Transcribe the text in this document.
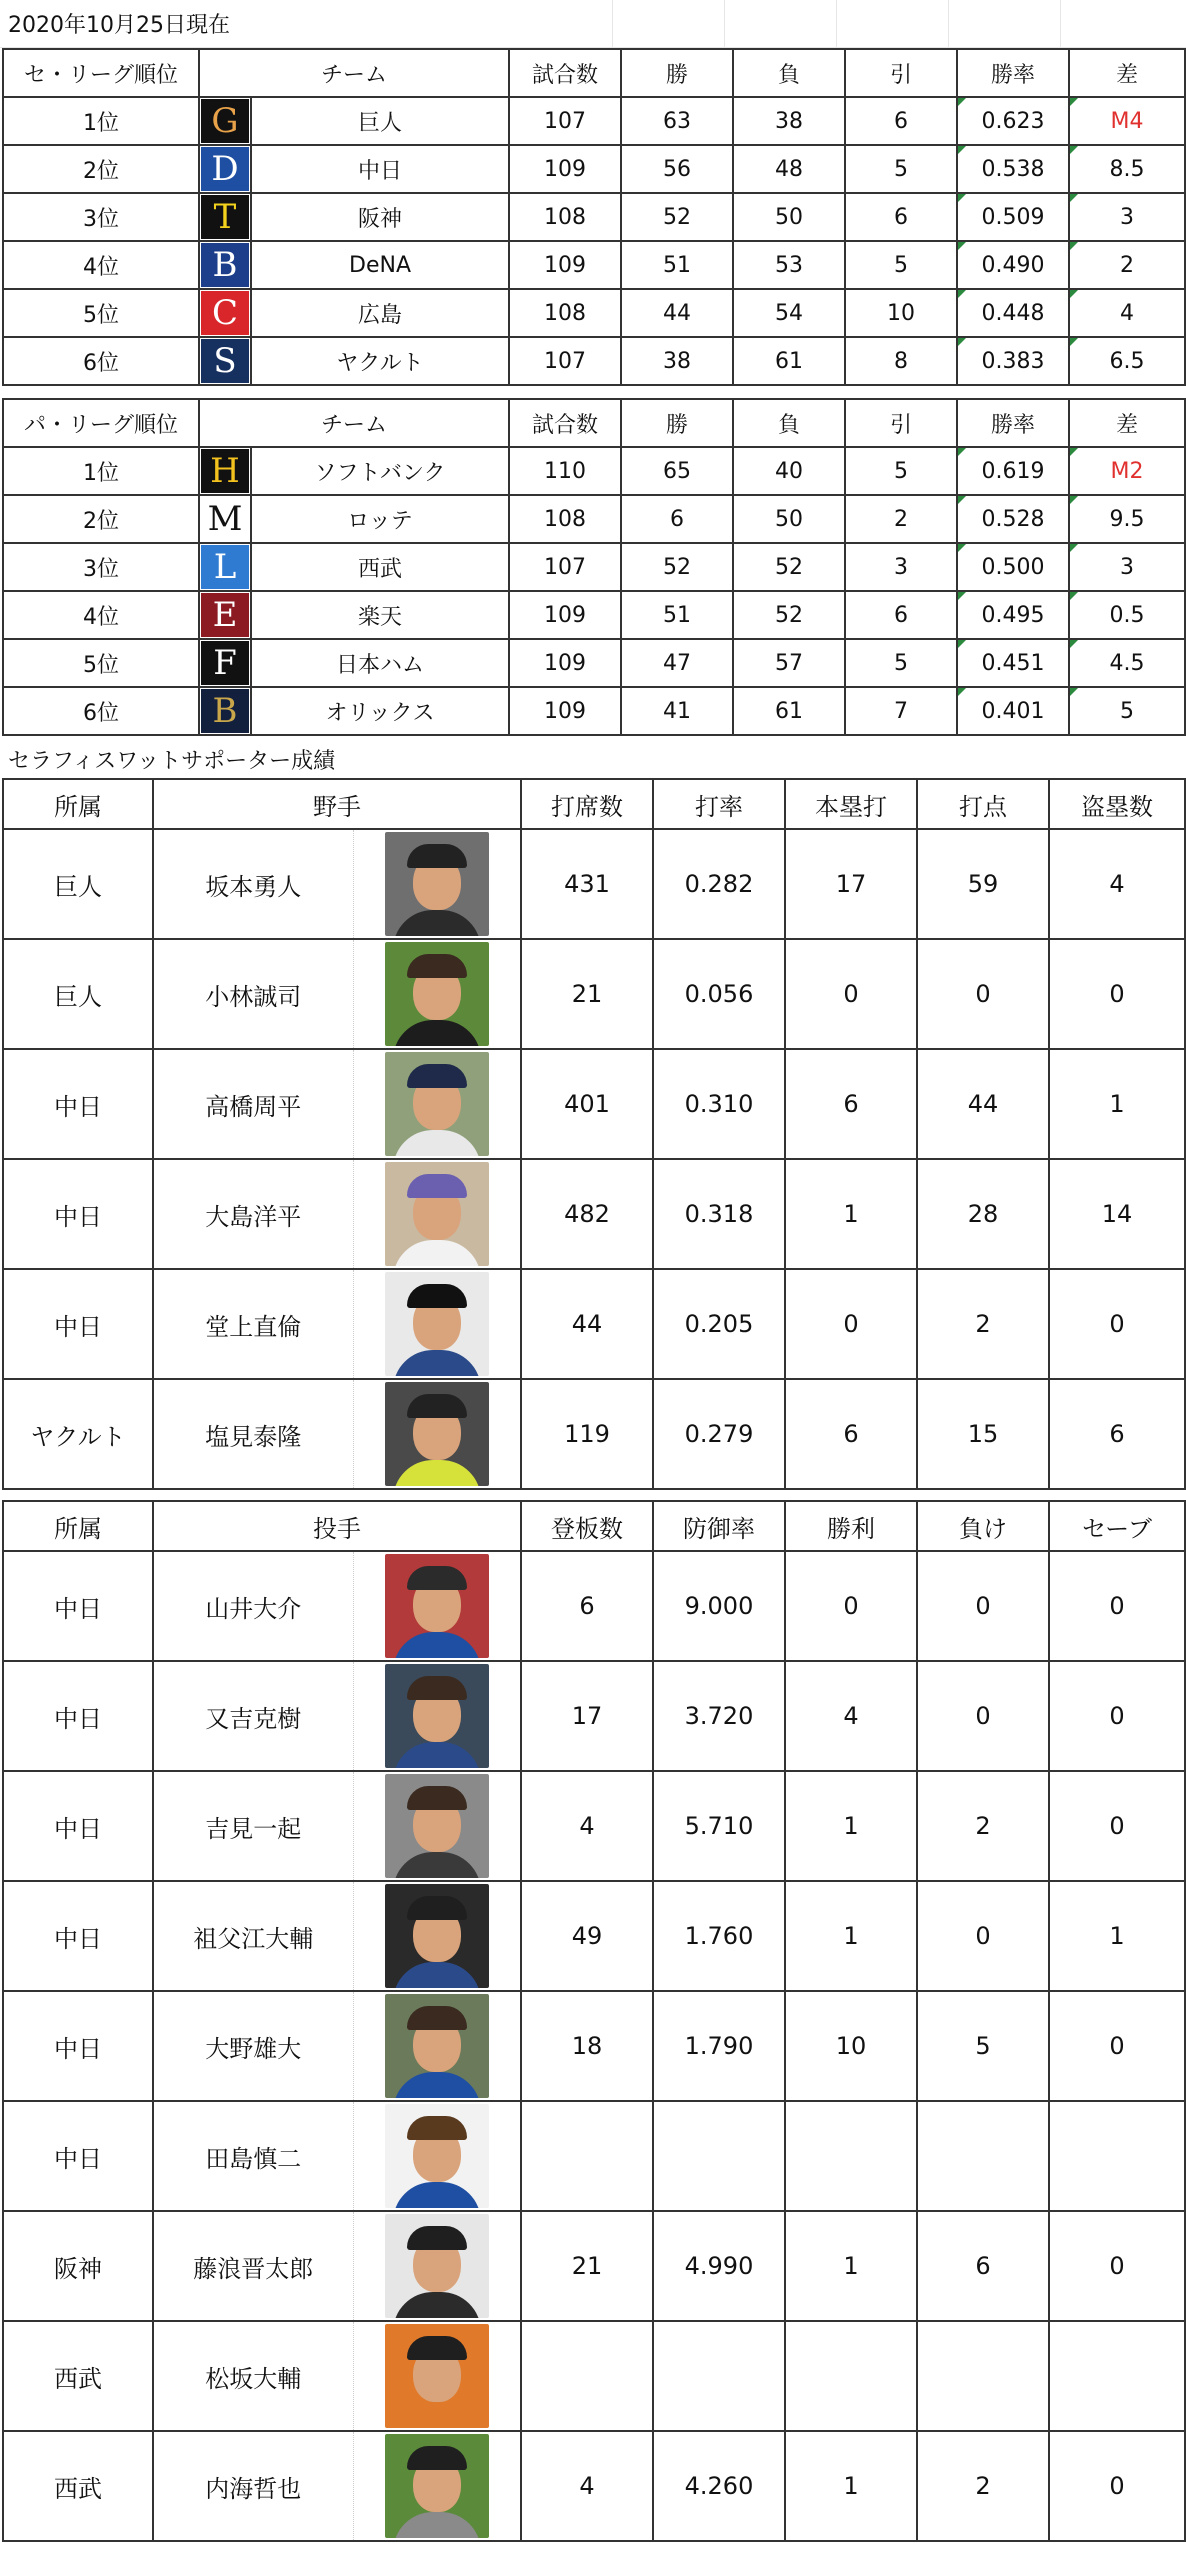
2020年10月25日現在						
セ・リーグ順位	チーム		試合数	勝	負	引	勝率	差
1位	G	巨人	107	63	38	6	0.623	M4
2位	D	中日	109	56	48	5	0.538	8.5
3位	T	阪神	108	52	50	6	0.509	3
4位	B	DeNA	109	51	53	5	0.490	2
5位	C	広島	108	44	54	10	0.448	4
6位	S	ヤクルト	107	38	61	8	0.383	6.5
パ・リーグ順位	チーム		試合数	勝	負	引	勝率	差
1位	H	ソフトバンク	110	65	40	5	0.619	M2
2位	M	ロッテ	108	6	50	2	0.528	9.5
3位	L	西武	107	52	52	3	0.500	3
4位	E	楽天	109	51	52	6	0.495	0.5
5位	F	日本ハム	109	47	57	5	0.451	4.5
6位	B	オリックス	109	41	61	7	0.401	5
セラフィスワットサポーター成績
所属	野手		打席数	打率	本塁打	打点	盗塁数
巨人	坂本勇人		431	0.282	17	59	4
巨人	小林誠司		21	0.056	0	0	0
中日	高橋周平		401	0.310	6	44	1
中日	大島洋平		482	0.318	1	28	14
中日	堂上直倫		44	0.205	0	2	0
ヤクルト	塩見泰隆		119	0.279	6	15	6
所属	投手		登板数	防御率	勝利	負け	セーブ
中日	山井大介		6	9.000	0	0	0
中日	又吉克樹		17	3.720	4	0	0
中日	吉見一起		4	5.710	1	2	0
中日	祖父江大輔		49	1.760	1	0	1
中日	大野雄大		18	1.790	10	5	0
中日	田島慎二	

阪神	藤浪晋太郎		21	4.990	1	6	0
西武	松坂大輔	

西武	内海哲也		4	4.260	1	2	0
